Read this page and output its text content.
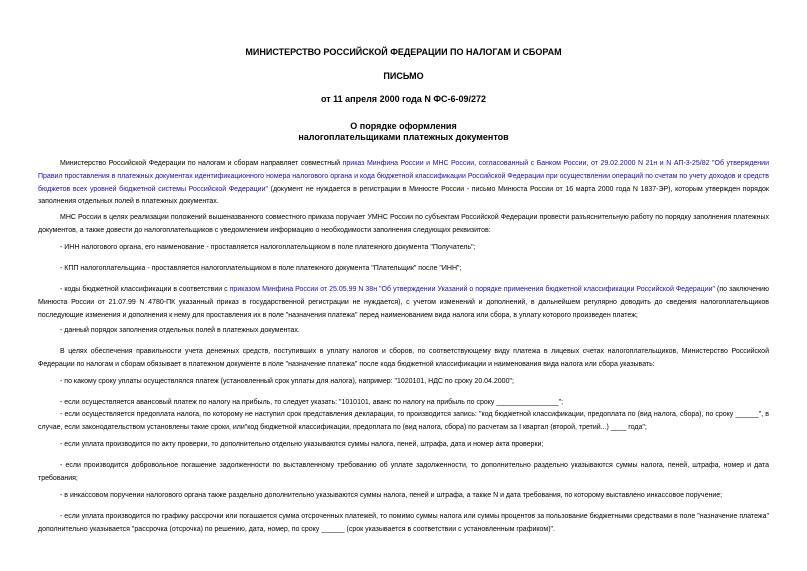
МИНИСТЕРСТВО РОССИЙСКОЙ ФЕДЕРАЦИИ ПО НАЛОГАМ И СБОРАМ
ПИСЬМО
от 11 апреля 2000 года N ФС-6-09/272
О порядке оформления
налогоплательщиками платежных документов
Министерство Российской Федерации по налогам и сборам направляет совместный приказ Минфина России и МНС России, согласованный с Банком России, от 29.02.2000 N 21н и N АП-3-25/82 "Об утверждении Правил проставления в платежных документах идентификационного номера налогового органа и кода бюджетной классификации Российской Федерации при осуществлении операций по счетам по учету доходов и средств бюджетов всех уровней бюджетной системы Российской Федерации" (документ не нуждается в регистрации в Минюсте России - письмо Минюста России от 16 марта 2000 года N 1837-ЭР), которым утвержден порядок заполнения отдельных полей в платежных документах.
МНС России в целях реализации положений вышеназванного совместного приказа поручает УМНС России по субъектам Российской Федерации провести разъяснительную работу по порядку заполнения платежных документов, а также довести до налогоплательщиков с уведомлением информацию о необходимости заполнения следующих реквизитов:
- ИНН налогового органа, его наименование - проставляется налогоплательщиком в поле платежного документа "Получатель";
- КПП налогоплательщика - проставляется налогоплательщиком в поле платежного документа "Плательщик" после "ИНН";
- коды бюджетной классификации в соответствии с приказом Минфина России от 25.05.99 N 38н "Об утверждении Указаний о порядке применения бюджетной классификации Российской Федерации" (по заключению Минюста России от 21.07.99 N 4780-ПК указанный приказ в государственной регистрации не нуждается), с учетом изменений и дополнений, в дальнейшем регулярно доводить до сведения налогоплательщиков последующие изменения и дополнения к нему для проставления их в поле "назначения платежа" перед наименованием вида налога или сбора, в уплату которого произведен платеж;
- данный порядок заполнения отдельных полей в платежных документах.
В целях обеспечения правильности учета денежных средств, поступивших в уплату налогов и сборов, по соответствующему виду платежа в лицевых счетах налогоплательщиков, Министерство Российской Федерации по налогам и сборам обязывает в платежном документе в поле "назначение платежа" после кода бюджетной классификации и наименования вида налога или сбора указывать:
- по какому сроку уплаты осуществлялся платеж (установленный срок уплаты для налога), например: "1020101, НДС по сроку 20.04.2000";
- если осуществляется авансовый платеж по налогу на прибыль, то следует указать: "1010101, аванс по налогу на прибыль по сроку ________________";
- если осуществляется предоплата налога, по которому не наступил срок представления декларации, то производится запись: "код бюджетной классификации, предоплата по (вид налога, сбора), по сроку ______", в случае, если законодательством установлены такие сроки, или"код бюджетной классификации, предоплата по (вид налога, сбора) по расчетам за I квартал (второй, третий...) ____ года";
- если уплата производится по акту проверки, то дополнительно отдельно указываются суммы налога, пеней, штрафа, дата и номер акта проверки;
- если производится добровольное погашение задолженности по выставленному требованию об уплате задолженности, то дополнительно раздельно указываются суммы налога, пеней, штрафа, номер и дата требования;
- в инкассовом поручении налогового органа также раздельно дополнительно указываются суммы налога, пеней и штрафа, а также N и дата требования, по которому выставлено инкассовое поручение;
- если уплата производится по графику рассрочки или погашается сумма отсроченных платежей, то помимо суммы налога или суммы процентов за пользование бюджетными средствами в поле "назначение платежа" дополнительно указывается "рассрочка (отсрочка) по решению, дата, номер, по сроку ______ (срок указывается в соответствии с установленным графиком)".
